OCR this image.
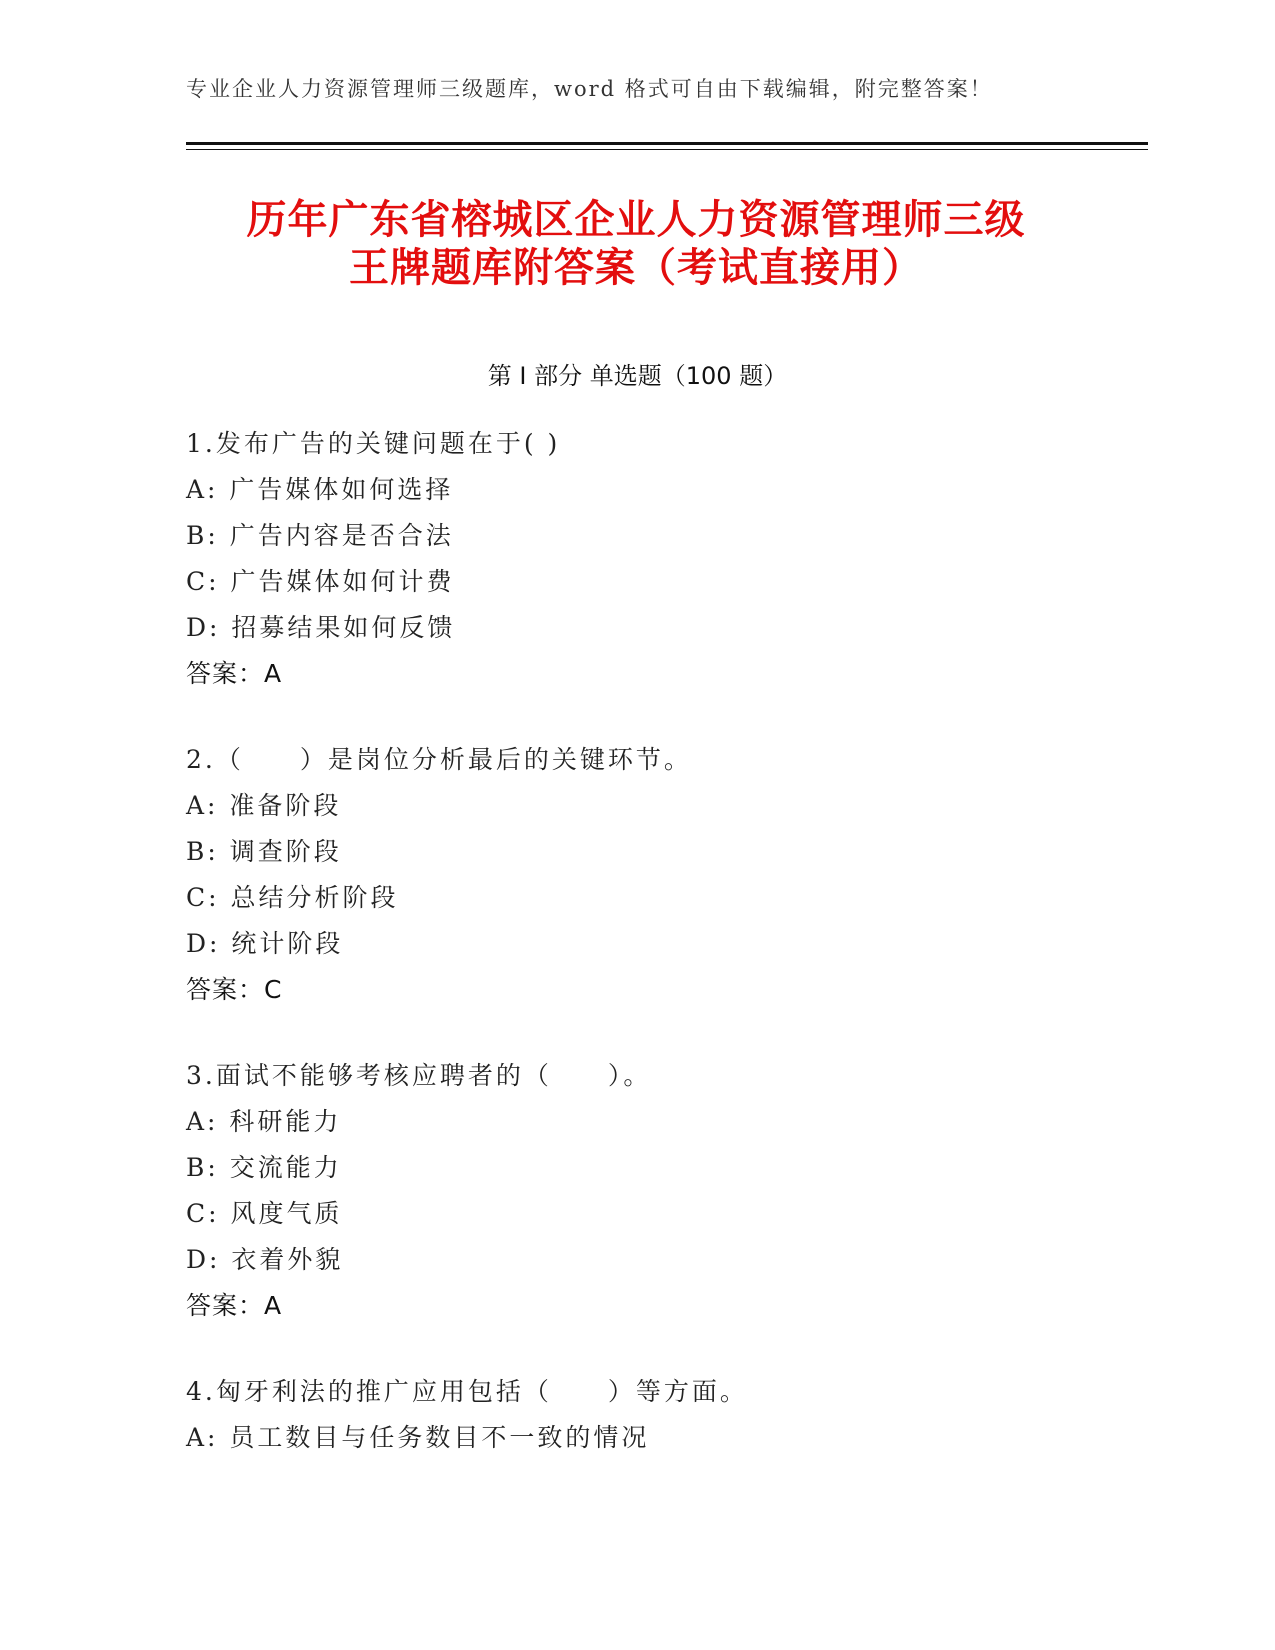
专业企业人力资源管理师三级题库，word 格式可自由下载编辑，附完整答案！
历年广东省榕城区企业人力资源管理师三级
王牌题库附答案（考试直接用）
第 I 部分 单选题（100 题）
1.发布广告的关键问题在于( )
A: 广告媒体如何选择
B: 广告内容是否合法
C: 广告媒体如何计费
D: 招募结果如何反馈
答案：A
2.（　　）是岗位分析最后的关键环节。
A: 准备阶段
B: 调查阶段
C: 总结分析阶段
D: 统计阶段
答案：C
3.面试不能够考核应聘者的（　　）。
A: 科研能力
B: 交流能力
C: 风度气质
D: 衣着外貌
答案：A
4.匈牙利法的推广应用包括（　　）等方面。
A: 员工数目与任务数目不一致的情况
